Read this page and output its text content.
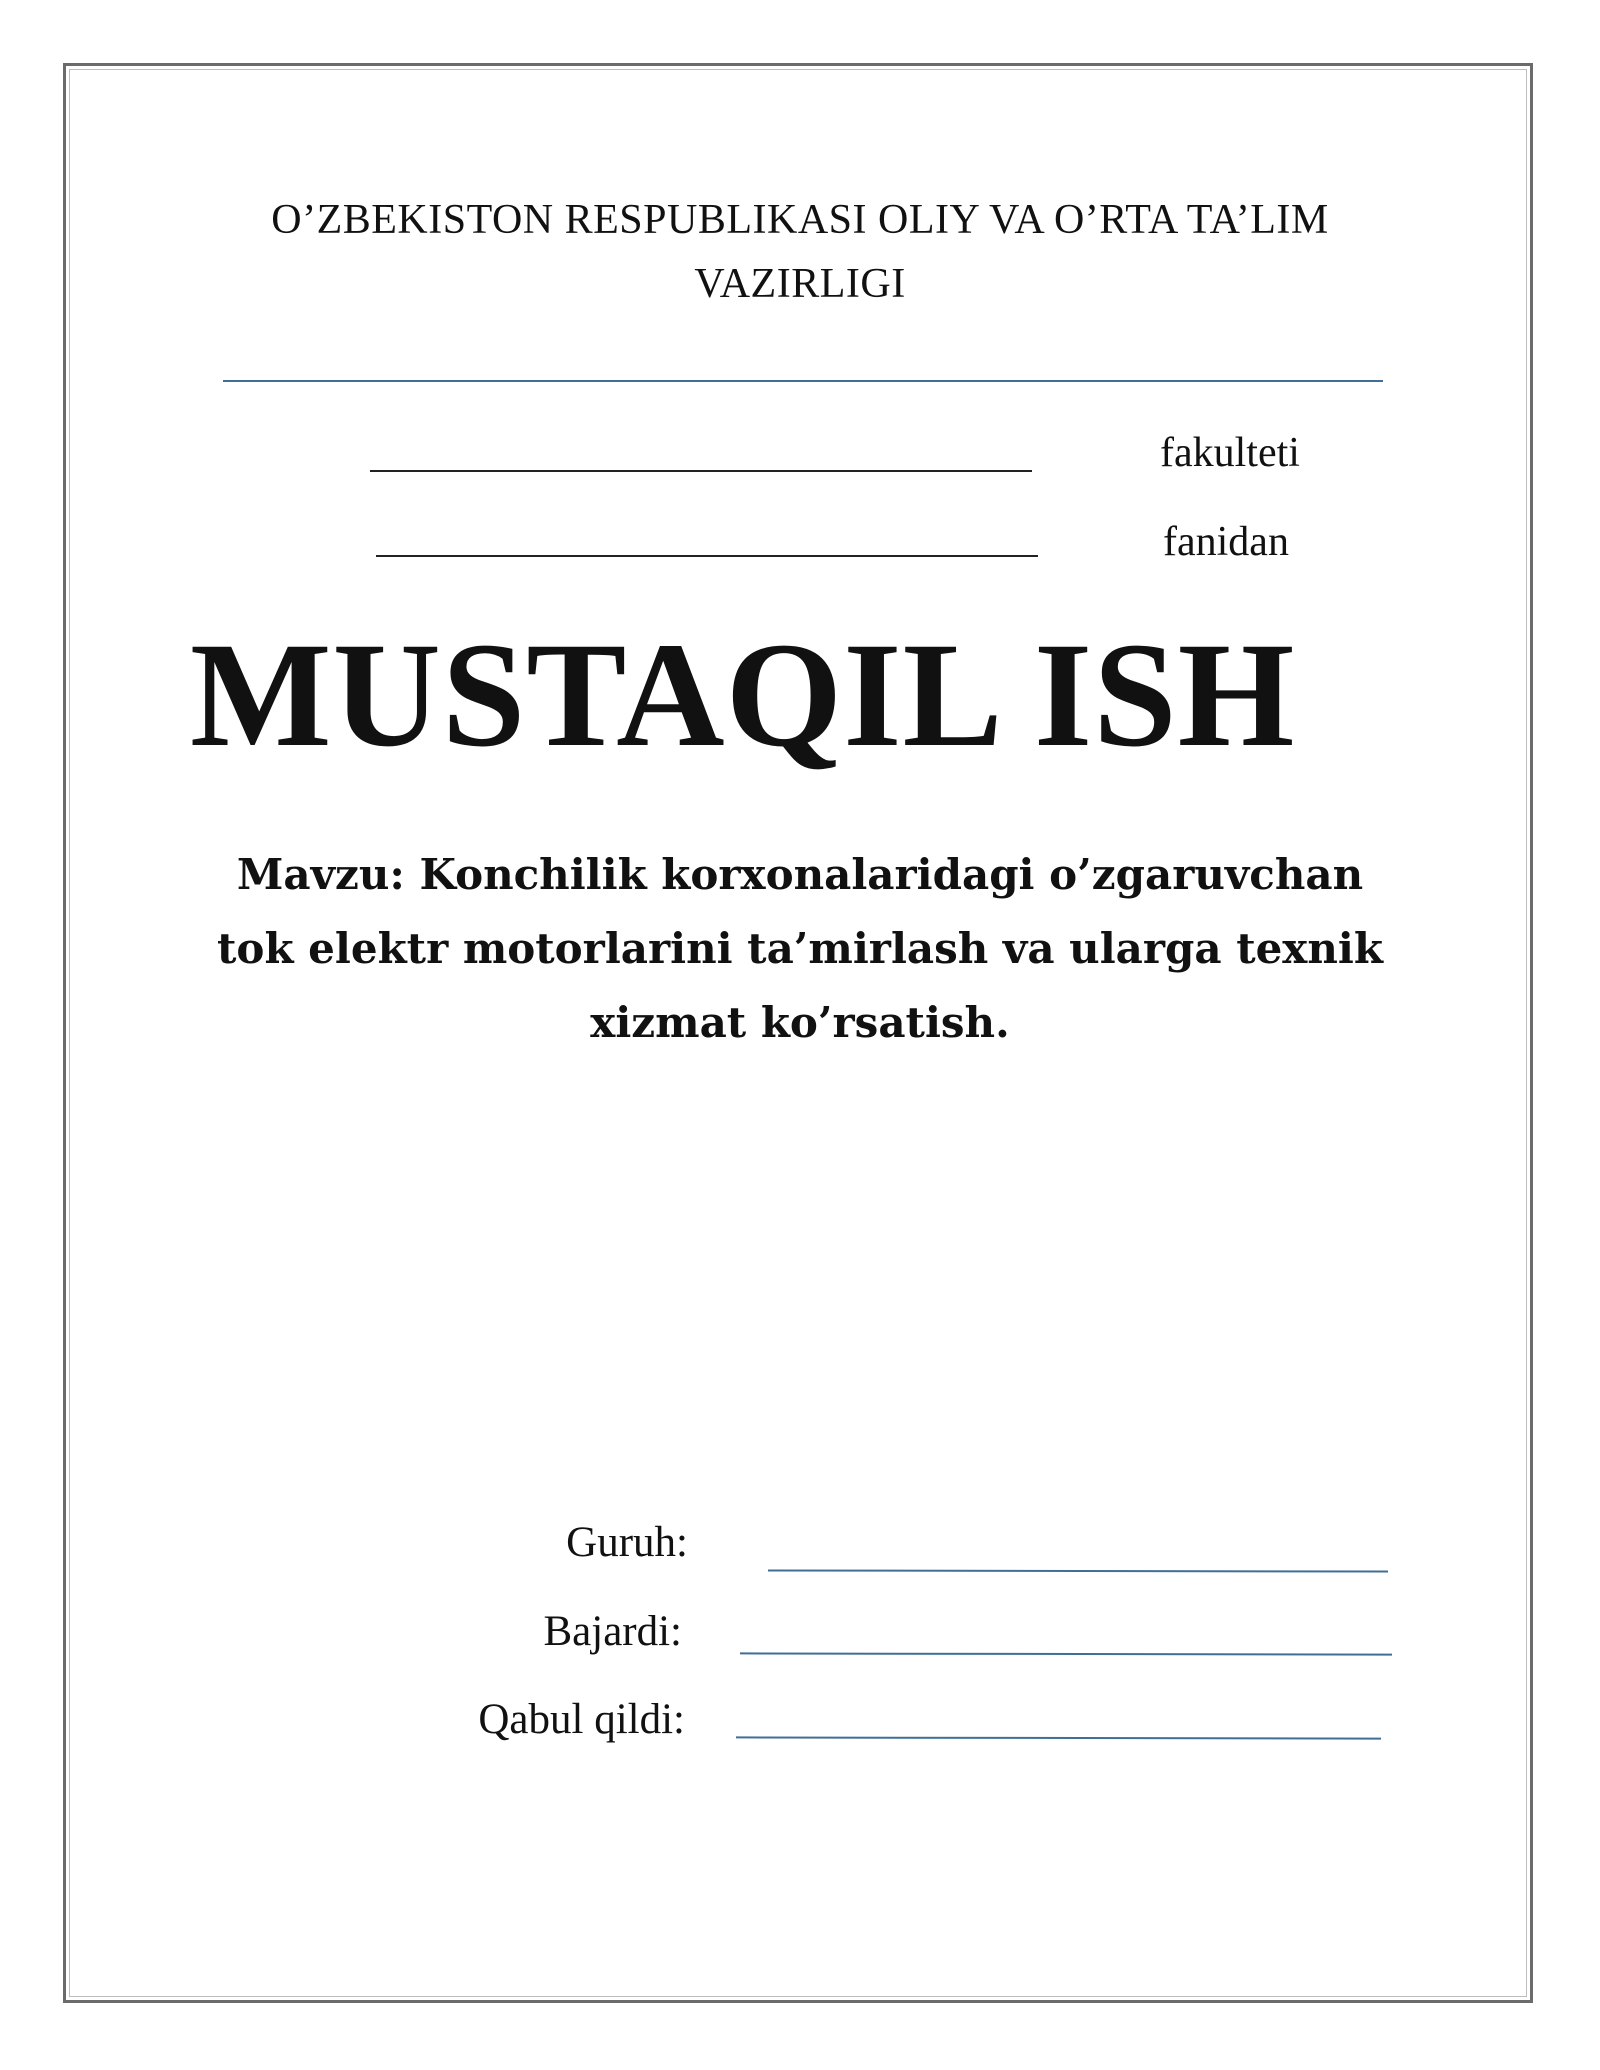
O’ZBEKISTON RESPUBLIKASI OLIY VA O’RTA TA’LIM
VAZIRLIGI
fakulteti
fanidan
MUSTAQIL ISH
Mavzu: Konchilik korxonalaridagi o’zgaruvchan
tok elektr motorlarini ta’mirlash va ularga texnik
xizmat ko’rsatish.
Guruh:
Bajardi:
Qabul qildi:
